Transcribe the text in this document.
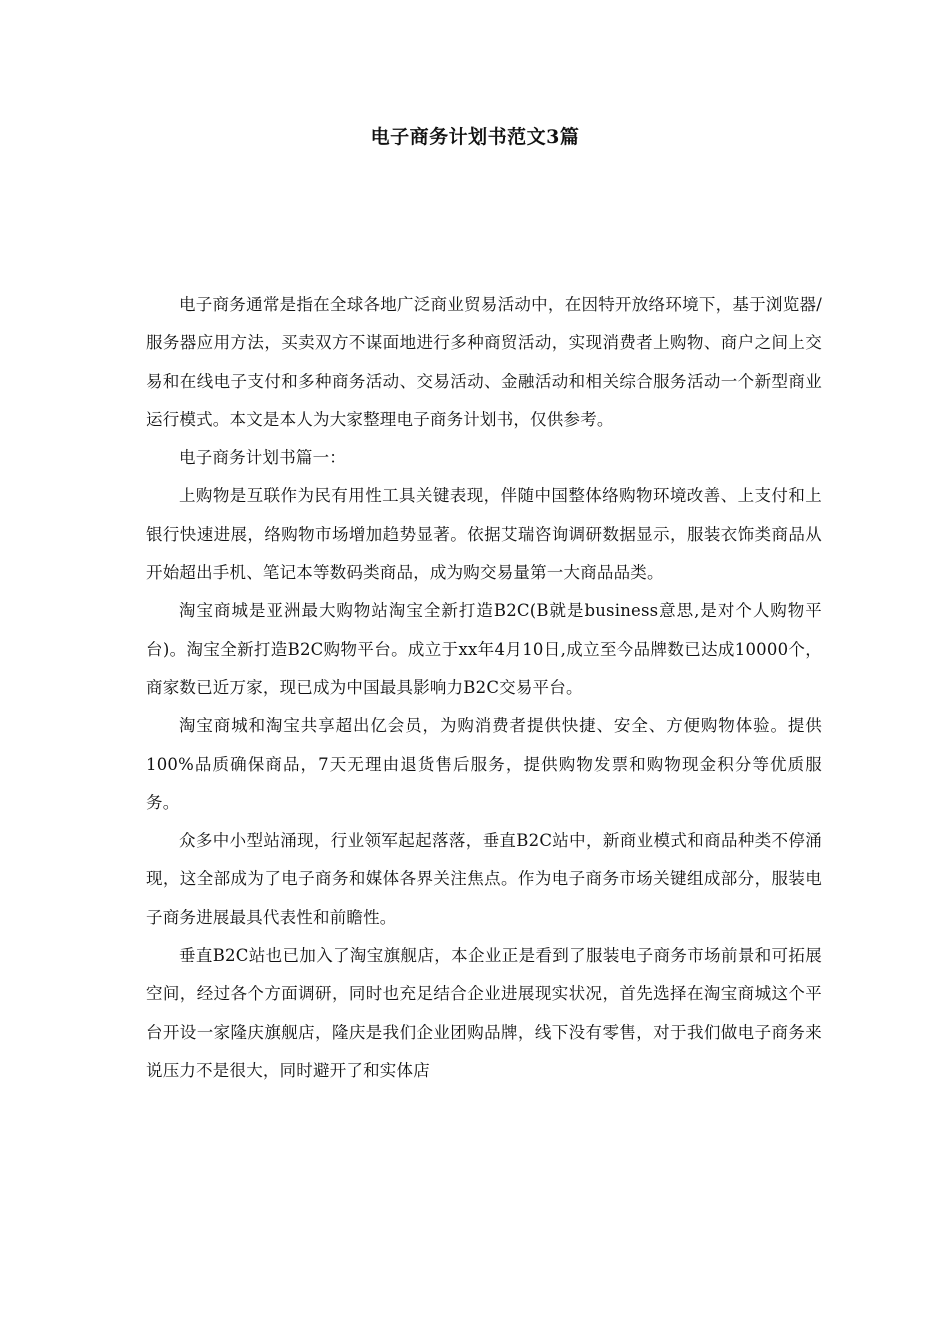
电子商务计划书范文3篇

电子商务通常是指在全球各地广泛商业贸易活动中，在因特开放络环境下，基于浏览器/服务器应用方法，买卖双方不谋面地进行多种商贸活动，实现消费者上购物、商户之间上交易和在线电子支付和多种商务活动、交易活动、金融活动和相关综合服务活动一个新型商业运行模式。本文是本人为大家整理电子商务计划书，仅供参考。

电子商务计划书篇一：

上购物是互联作为民有用性工具关键表现，伴随中国整体络购物环境改善、上支付和上银行快速进展，络购物市场增加趋势显著。依据艾瑞咨询调研数据显示，服装衣饰类商品从开始超出手机、笔记本等数码类商品，成为购交易量第一大商品品类。

淘宝商城是亚洲最大购物站淘宝全新打造B2C(B就是business意思,是对个人购物平台)。淘宝全新打造B2C购物平台。成立于xx年4月10日,成立至今品牌数已达成10000个，商家数已近万家，现已成为中国最具影响力B2C交易平台。

淘宝商城和淘宝共享超出亿会员，为购消费者提供快捷、安全、方便购物体验。提供100%品质确保商品，7天无理由退货售后服务，提供购物发票和购物现金积分等优质服务。

众多中小型站涌现，行业领军起起落落，垂直B2C站中，新商业模式和商品种类不停涌现，这全部成为了电子商务和媒体各界关注焦点。作为电子商务市场关键组成部分，服装电子商务进展最具代表性和前瞻性。

垂直B2C站也已加入了淘宝旗舰店，本企业正是看到了服装电子商务市场前景和可拓展空间，经过各个方面调研，同时也充足结合企业进展现实状况，首先选择在淘宝商城这个平台开设一家隆庆旗舰店，隆庆是我们企业团购品牌，线下没有零售，对于我们做电子商务来说压力不是很大，同时避开了和实体店
